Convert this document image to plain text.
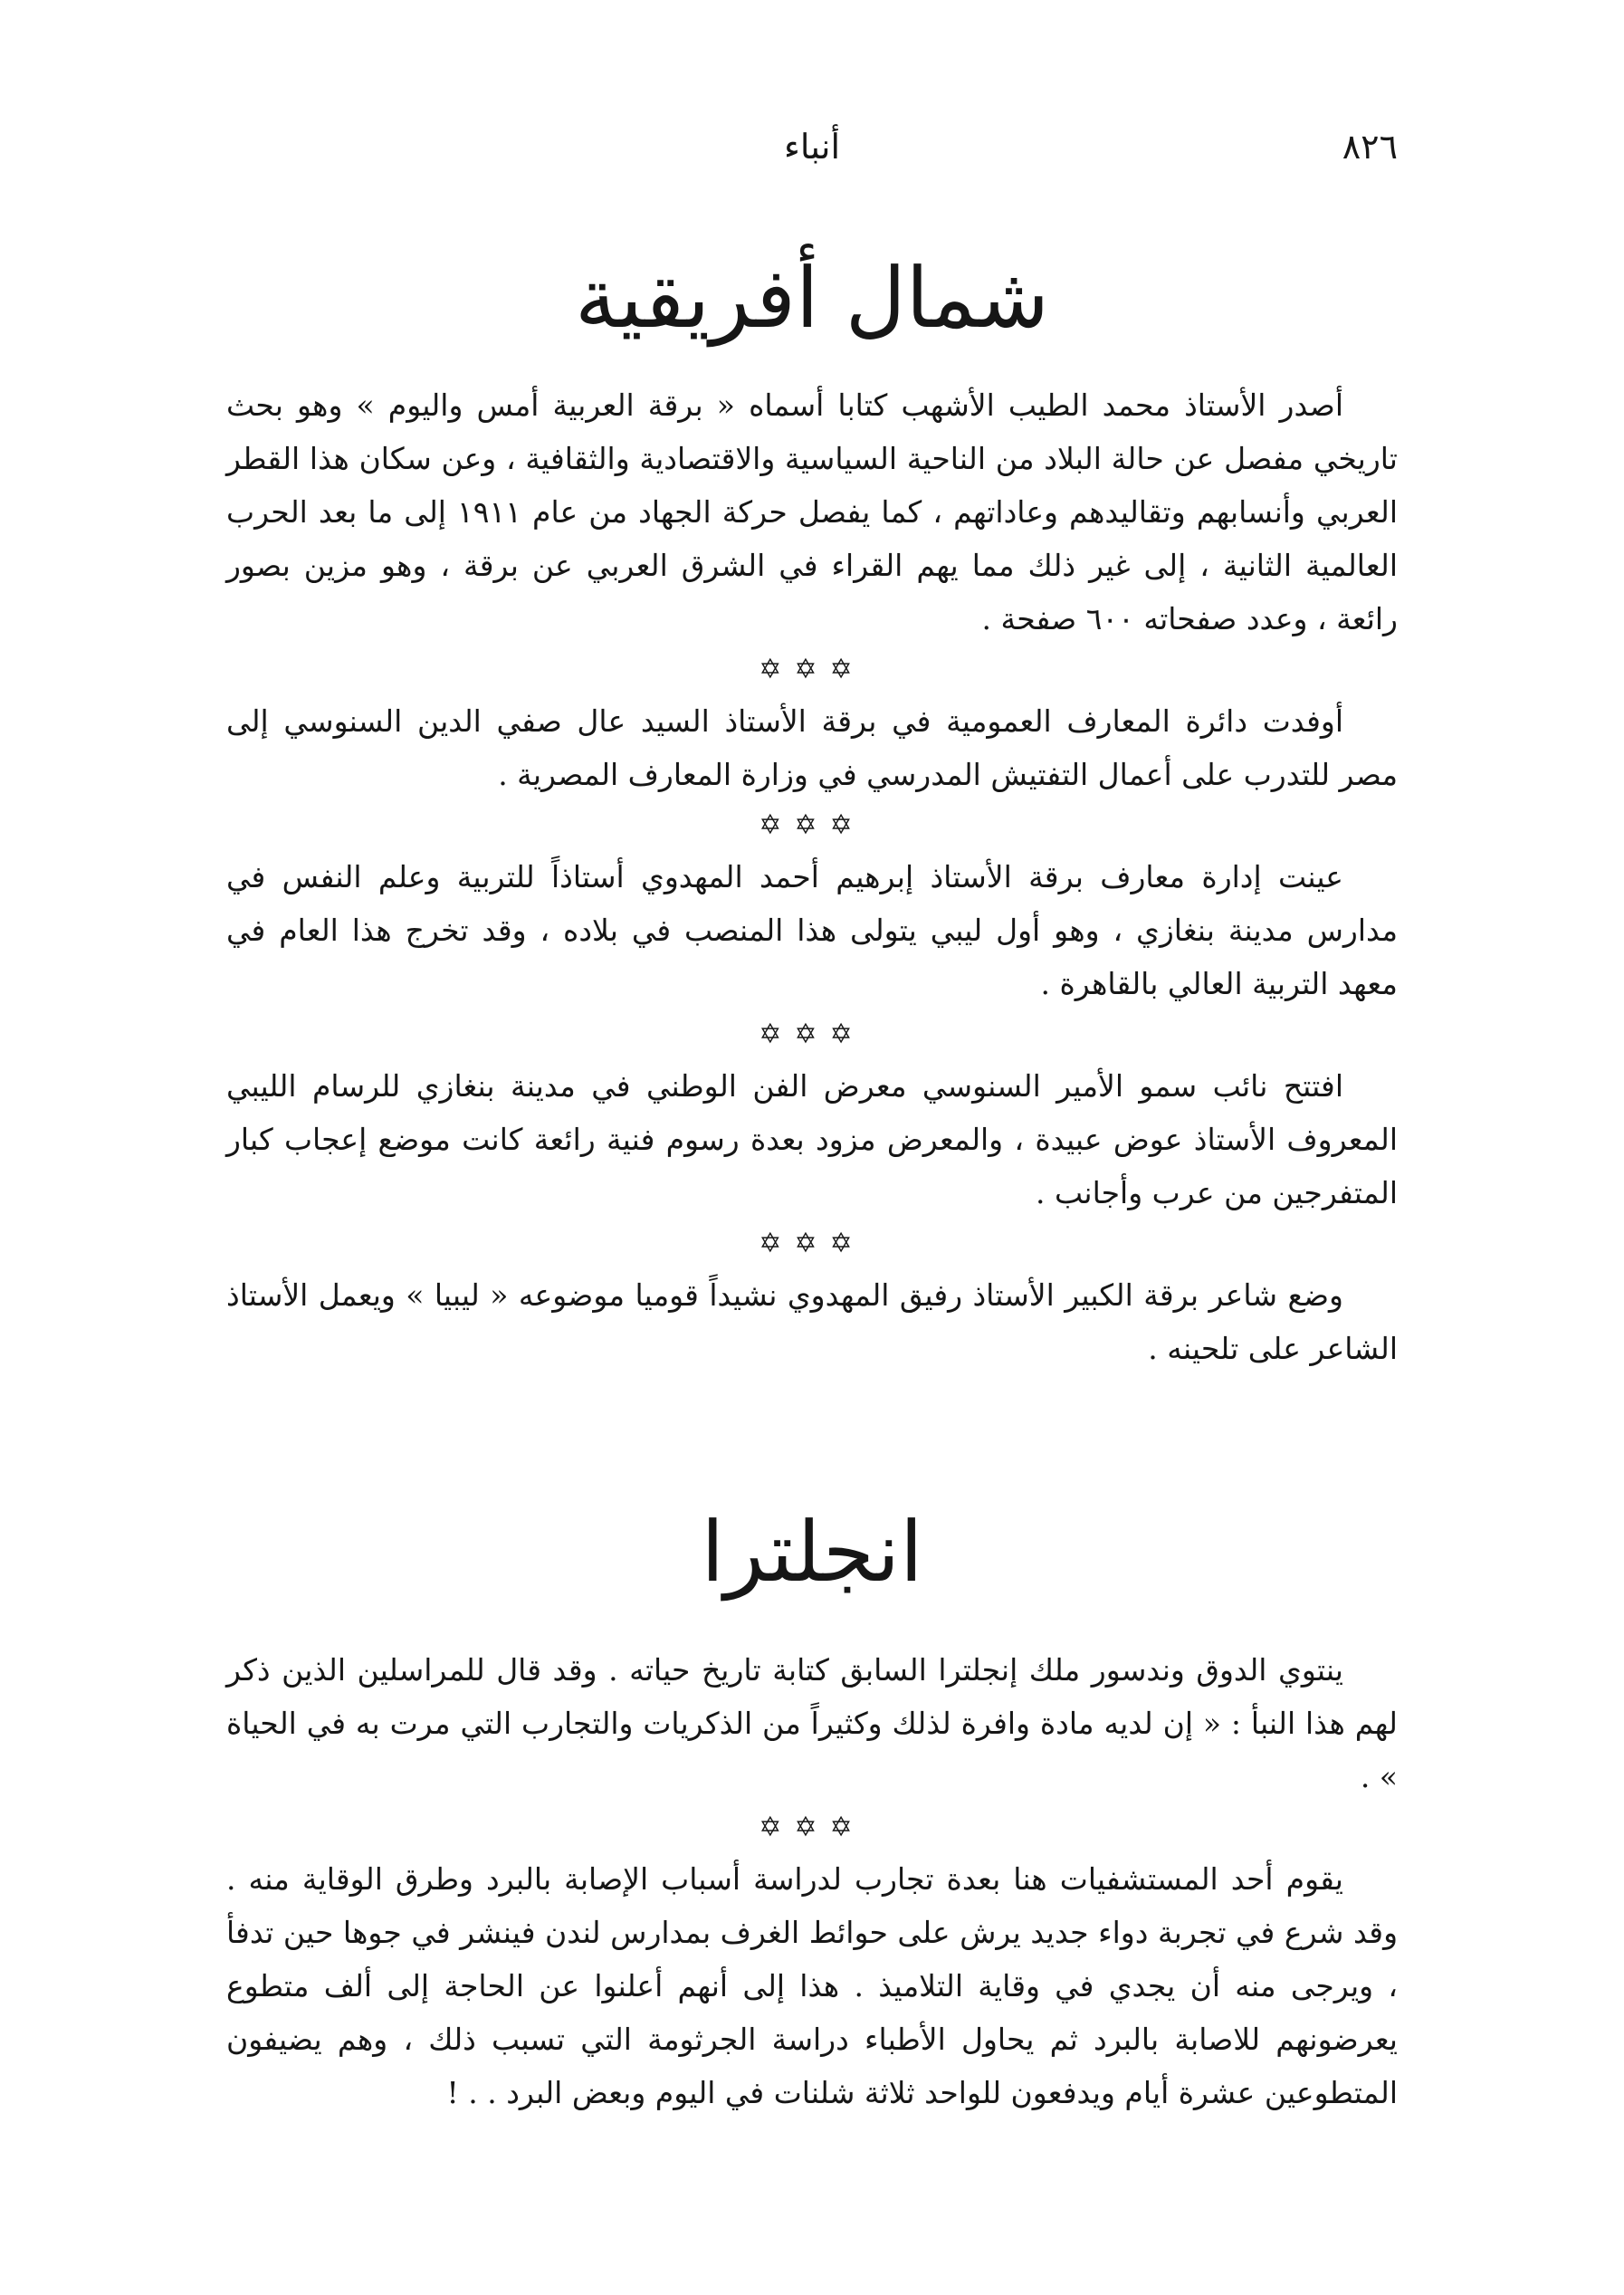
٨٢٦
أنباء
شمال أفريقية

أصدر الأستاذ محمد الطيب الأشهب كتابا أسماه « برقة العربية أمس واليوم » وهو بحث تاريخي مفصل عن حالة البلاد من الناحية السياسية والاقتصادية والثقافية ، وعن سكان هذا القطر العربي وأنسابهم وتقاليدهم وعاداتهم ، كما يفصل حركة الجهاد من عام ١٩١١ إلى ما بعد الحرب العالمية الثانية ، إلى غير ذلك مما يهم القراء في الشرق العربي عن برقة ، وهو مزين بصور رائعة ، وعدد صفحاته ٦٠٠ صفحة .

✡✡✡

أوفدت دائرة المعارف العمومية في برقة الأستاذ السيد عال صفي الدين السنوسي إلى مصر للتدرب على أعمال التفتيش المدرسي في وزارة المعارف المصرية .

✡✡✡

عينت إدارة معارف برقة الأستاذ إبرهيم أحمد المهدوي أستاذاً للتربية وعلم النفس في مدارس مدينة بنغازي ، وهو أول ليبي يتولى هذا المنصب في بلاده ، وقد تخرج هذا العام في معهد التربية العالي بالقاهرة .

✡✡✡

افتتح نائب سمو الأمير السنوسي معرض الفن الوطني في مدينة بنغازي للرسام الليبي المعروف الأستاذ عوض عبيدة ، والمعرض مزود بعدة رسوم فنية رائعة كانت موضع إعجاب كبار المتفرجين من عرب وأجانب .

✡✡✡

وضع شاعر برقة الكبير الأستاذ رفيق المهدوي نشيداً قوميا موضوعه « ليبيا » ويعمل الأستاذ الشاعر على تلحينه .

انجلترا

ينتوي الدوق وندسور ملك إنجلترا السابق كتابة تاريخ حياته . وقد قال للمراسلين الذين ذكر لهم هذا النبأ : « إن لديه مادة وافرة لذلك وكثيراً من الذكريات والتجارب التي مرت به في الحياة » .

✡✡✡

يقوم أحد المستشفيات هنا بعدة تجارب لدراسة أسباب الإصابة بالبرد وطرق الوقاية منه . وقد شرع في تجربة دواء جديد يرش على حوائط الغرف بمدارس لندن فينشر في جوها حين تدفأ ، ويرجى منه أن يجدي في وقاية التلاميذ . هذا إلى أنهم أعلنوا عن الحاجة إلى ألف متطوع يعرضونهم للاصابة بالبرد ثم يحاول الأطباء دراسة الجرثومة التي تسبب ذلك ، وهم يضيفون المتطوعين عشرة أيام ويدفعون للواحد ثلاثة شلنات في اليوم وبعض البرد . . !
